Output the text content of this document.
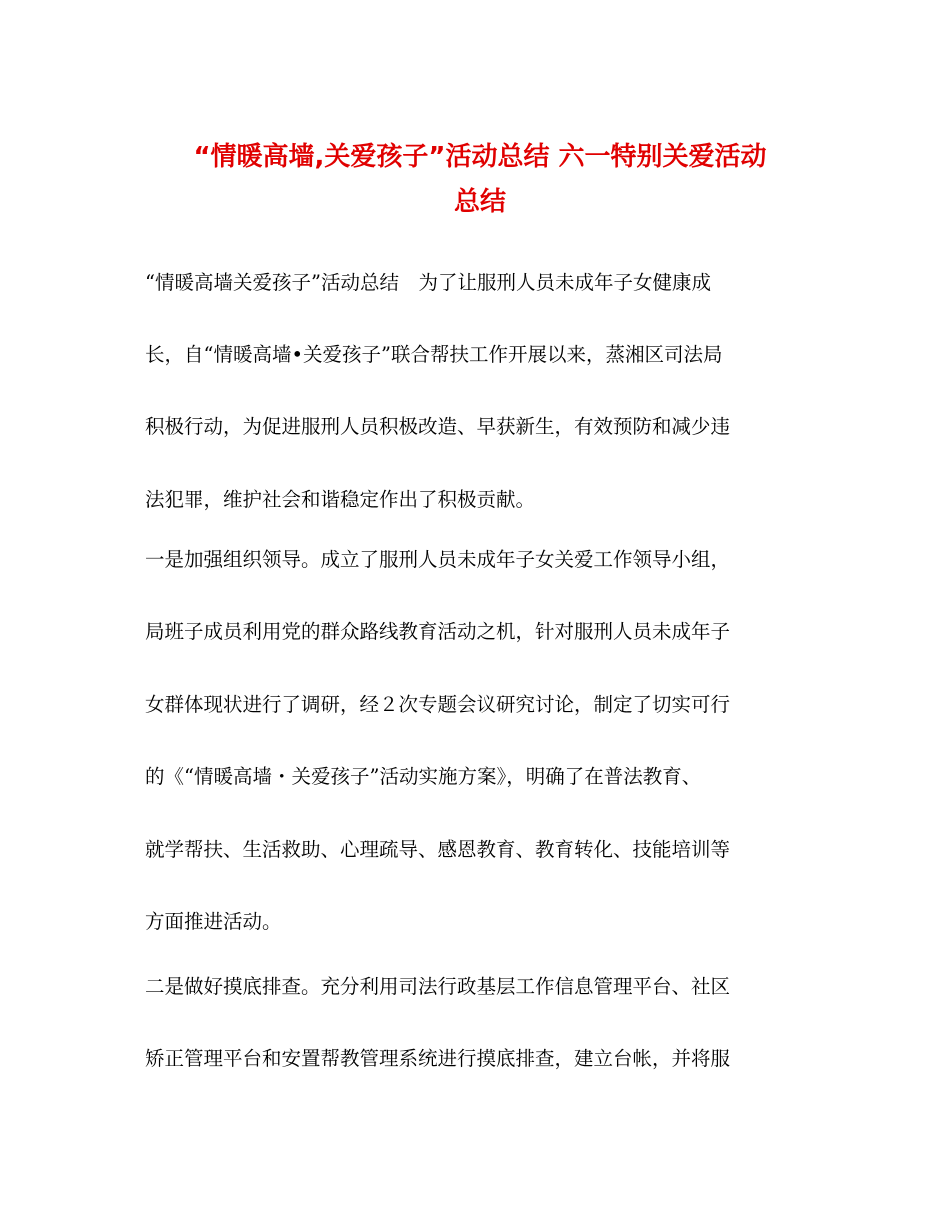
“情暖高墙,关爱孩子”活动总结 六一特别关爱活动
总结
“情暖高墙关爱孩子”活动总结　为了让服刑人员未成年子女健康成
长，自“情暖高墙•关爱孩子”联合帮扶工作开展以来，蒸湘区司法局
积极行动，为促进服刑人员积极改造、早获新生，有效预防和减少违
法犯罪，维护社会和谐稳定作出了积极贡献。
一是加强组织领导。成立了服刑人员未成年子女关爱工作领导小组，
局班子成员利用党的群众路线教育活动之机，针对服刑人员未成年子
女群体现状进行了调研，经２次专题会议研究讨论，制定了切实可行
的《“情暖高墙・关爱孩子”活动实施方案》，明确了在普法教育、
就学帮扶、生活救助、心理疏导、感恩教育、教育转化、技能培训等
方面推进活动。
二是做好摸底排查。充分利用司法行政基层工作信息管理平台、社区
矫正管理平台和安置帮教管理系统进行摸底排查，建立台帐，并将服
